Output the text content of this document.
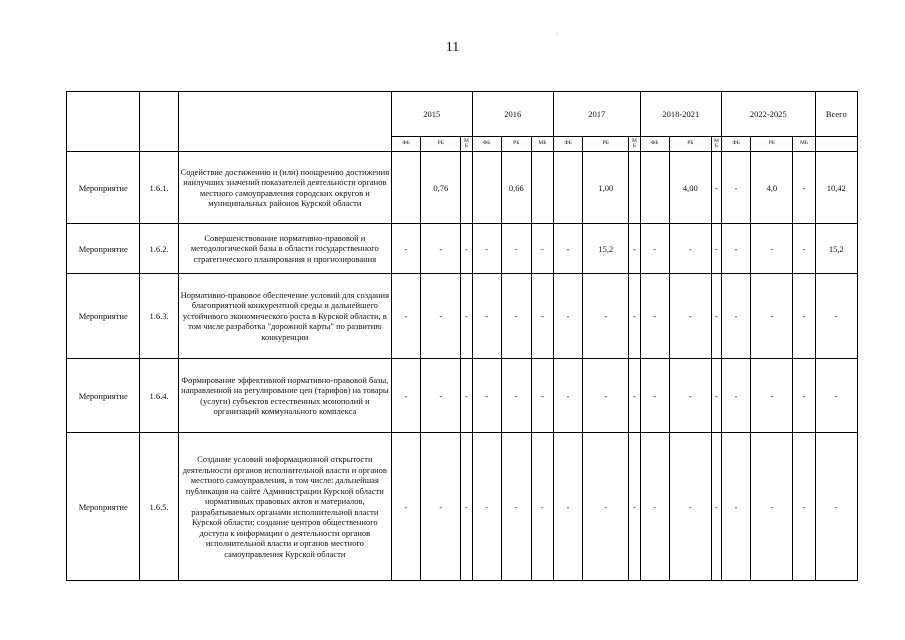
11
·
			2015			2016			2017			2018-2021			2022-2025			Всего
			ФБ	РБ	М Б	ФБ	РБ	МБ	ФБ	РБ	М Б	ФБ	РБ	М Б	ФБ	РБ	МБ	
Мероприятие	1.6.1.	Содействие достижению и (или) поощрению достижения наилучших значений показателей деятельности органов местного самоуправления городских округов и муниципальных районов Курской области		0,76			0,66			1,00			4,00	-	-	4,0	-	10,42
Мероприятие	1.6.2.	Совершенствование нормативно-правовой и методологической базы в области государственного стратегического планирования и прогнозирования	-	-	-	-	-	-	-	15,2	-	-	-	-	-	-	-	15,2
Мероприятие	1.6.3.	Нормативно-правовое обеспечение условий для создания благоприятной конкурентной среды и дальнейшего устойчивого экономического роста в Курской области, в том числе разработка "дорожной карты" по развитию конкуренции	-	-	-	-	-	-	-	-	-	-	-	-	-	-	-	-
Мероприятие	1.6.4.	Формирование эффективной нормативно-правовой базы, направленной на регулирование цен (тарифов) на товары (услуги) субъектов естественных монополий и организаций коммунального комплекса	-	-	-	-	-	-	-	-	-	-	-	-	-	-	-	-
Мероприятие	1.6.5.	Создание условий информационной открытости деятельности органов исполнительной власти и органов местного самоуправления, в том числе: дальнейшая публикация на сайте Администрации Курской области нормативных правовых актов и материалов, разрабатываемых органами исполнительной власти Курской области; создание центров общественного доступа к информации о деятельности органов исполнительной власти и органов местного самоуправления Курской области	-	-	-	-	-	-	-	-	-	-	-	-	-	-	-	-
